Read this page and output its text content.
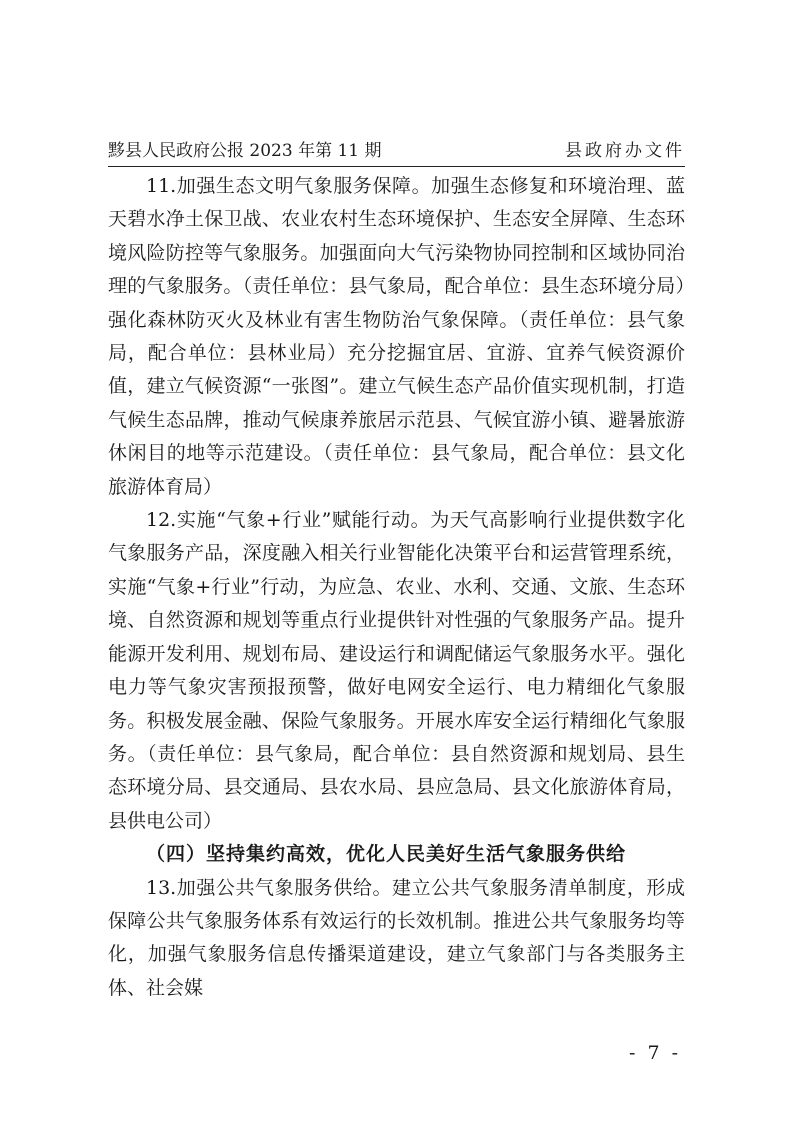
黟县人民政府公报 2023 年第 11 期	县政府办文件

11.加强生态文明气象服务保障。加强生态修复和环境治理、蓝天碧水净土保卫战、农业农村生态环境保护、生态安全屏障、生态环境风险防控等气象服务。加强面向大气污染物协同控制和区域协同治理的气象服务。（责任单位：县气象局，配合单位：县生态环境分局）强化森林防灭火及林业有害生物防治气象保障。（责任单位：县气象局，配合单位：县林业局）充分挖掘宜居、宜游、宜养气候资源价值，建立气候资源“一张图”。建立气候生态产品价值实现机制，打造气候生态品牌，推动气候康养旅居示范县、气候宜游小镇、避暑旅游休闲目的地等示范建设。（责任单位：县气象局，配合单位：县文化旅游体育局）

12.实施“气象+行业”赋能行动。为天气高影响行业提供数字化气象服务产品，深度融入相关行业智能化决策平台和运营管理系统，实施“气象+行业”行动，为应急、农业、水利、交通、文旅、生态环境、自然资源和规划等重点行业提供针对性强的气象服务产品。提升能源开发利用、规划布局、建设运行和调配储运气象服务水平。强化电力等气象灾害预报预警，做好电网安全运行、电力精细化气象服务。积极发展金融、保险气象服务。开展水库安全运行精细化气象服务。（责任单位：县气象局，配合单位：县自然资源和规划局、县生态环境分局、县交通局、县农水局、县应急局、县文化旅游体育局，县供电公司）

（四）坚持集约高效，优化人民美好生活气象服务供给

13.加强公共气象服务供给。建立公共气象服务清单制度，形成保障公共气象服务体系有效运行的长效机制。推进公共气象服务均等化，加强气象服务信息传播渠道建设，建立气象部门与各类服务主体、社会媒

- 7 -
